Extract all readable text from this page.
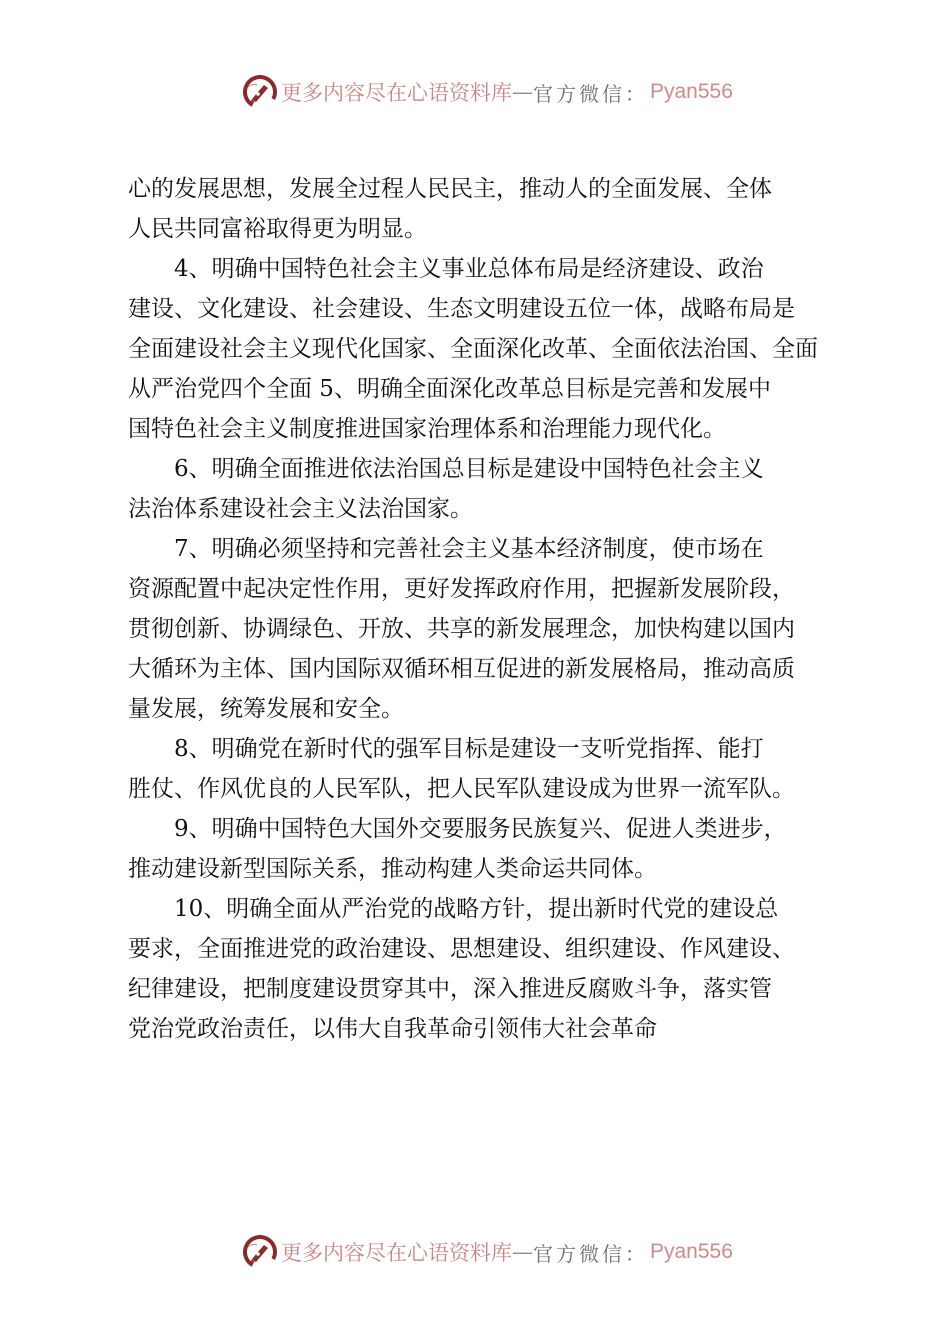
更多内容尽在心语资料库 — 官方微信： Pyan556
心的发展思想，发展全过程人民民主，推动人的全面发展、全体
人民共同富裕取得更为明显。
4、明确中国特色社会主义事业总体布局是经济建设、政治
建设、文化建设、社会建设、生态文明建设五位一体，战略布局是
全面建设社会主义现代化国家、全面深化改革、全面依法治国、全面
从严治党四个全面 5、明确全面深化改革总目标是完善和发展中
国特色社会主义制度推进国家治理体系和治理能力现代化。
6、明确全面推进依法治国总目标是建设中国特色社会主义
法治体系建设社会主义法治国家。
7、明确必须坚持和完善社会主义基本经济制度，使市场在
资源配置中起决定性作用，更好发挥政府作用，把握新发展阶段，
贯彻创新、协调绿色、开放、共享的新发展理念，加快构建以国内
大循环为主体、国内国际双循环相互促进的新发展格局，推动高质
量发展，统筹发展和安全。
8、明确党在新时代的强军目标是建设一支听党指挥、能打
胜仗、作风优良的人民军队，把人民军队建设成为世界一流军队。
9、明确中国特色大国外交要服务民族复兴、促进人类进步，
推动建设新型国际关系，推动构建人类命运共同体。
10、明确全面从严治党的战略方针，提出新时代党的建设总
要求，全面推进党的政治建设、思想建设、组织建设、作风建设、
纪律建设，把制度建设贯穿其中，深入推进反腐败斗争，落实管
党治党政治责任，以伟大自我革命引领伟大社会革命
更多内容尽在心语资料库 — 官方微信： Pyan556
